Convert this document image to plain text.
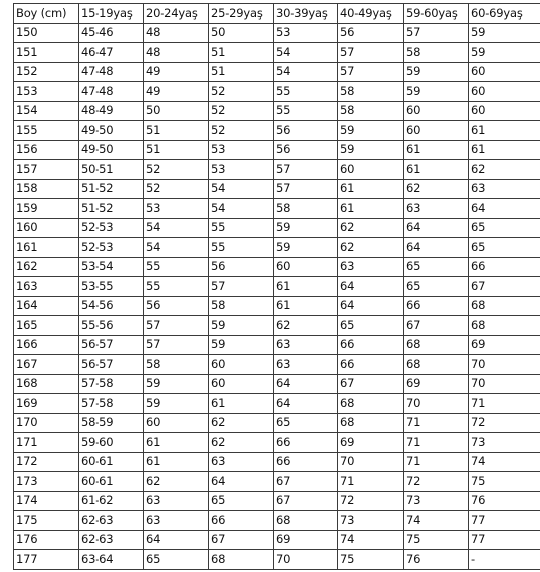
Boy (cm)	15-19yaş	20-24yaş	25-29yaş	30-39yaş	40-49yaş	59-60yaş	60-69yaş
150	45-46	48	50	53	56	57	59
151	46-47	48	51	54	57	58	59
152	47-48	49	51	54	57	59	60
153	47-48	49	52	55	58	59	60
154	48-49	50	52	55	58	60	60
155	49-50	51	52	56	59	60	61
156	49-50	51	53	56	59	61	61
157	50-51	52	53	57	60	61	62
158	51-52	52	54	57	61	62	63
159	51-52	53	54	58	61	63	64
160	52-53	54	55	59	62	64	65
161	52-53	54	55	59	62	64	65
162	53-54	55	56	60	63	65	66
163	53-55	55	57	61	64	65	67
164	54-56	56	58	61	64	66	68
165	55-56	57	59	62	65	67	68
166	56-57	57	59	63	66	68	69
167	56-57	58	60	63	66	68	70
168	57-58	59	60	64	67	69	70
169	57-58	59	61	64	68	70	71
170	58-59	60	62	65	68	71	72
171	59-60	61	62	66	69	71	73
172	60-61	61	63	66	70	71	74
173	60-61	62	64	67	71	72	75
174	61-62	63	65	67	72	73	76
175	62-63	63	66	68	73	74	77
176	62-63	64	67	69	74	75	77
177	63-64	65	68	70	75	76	-
